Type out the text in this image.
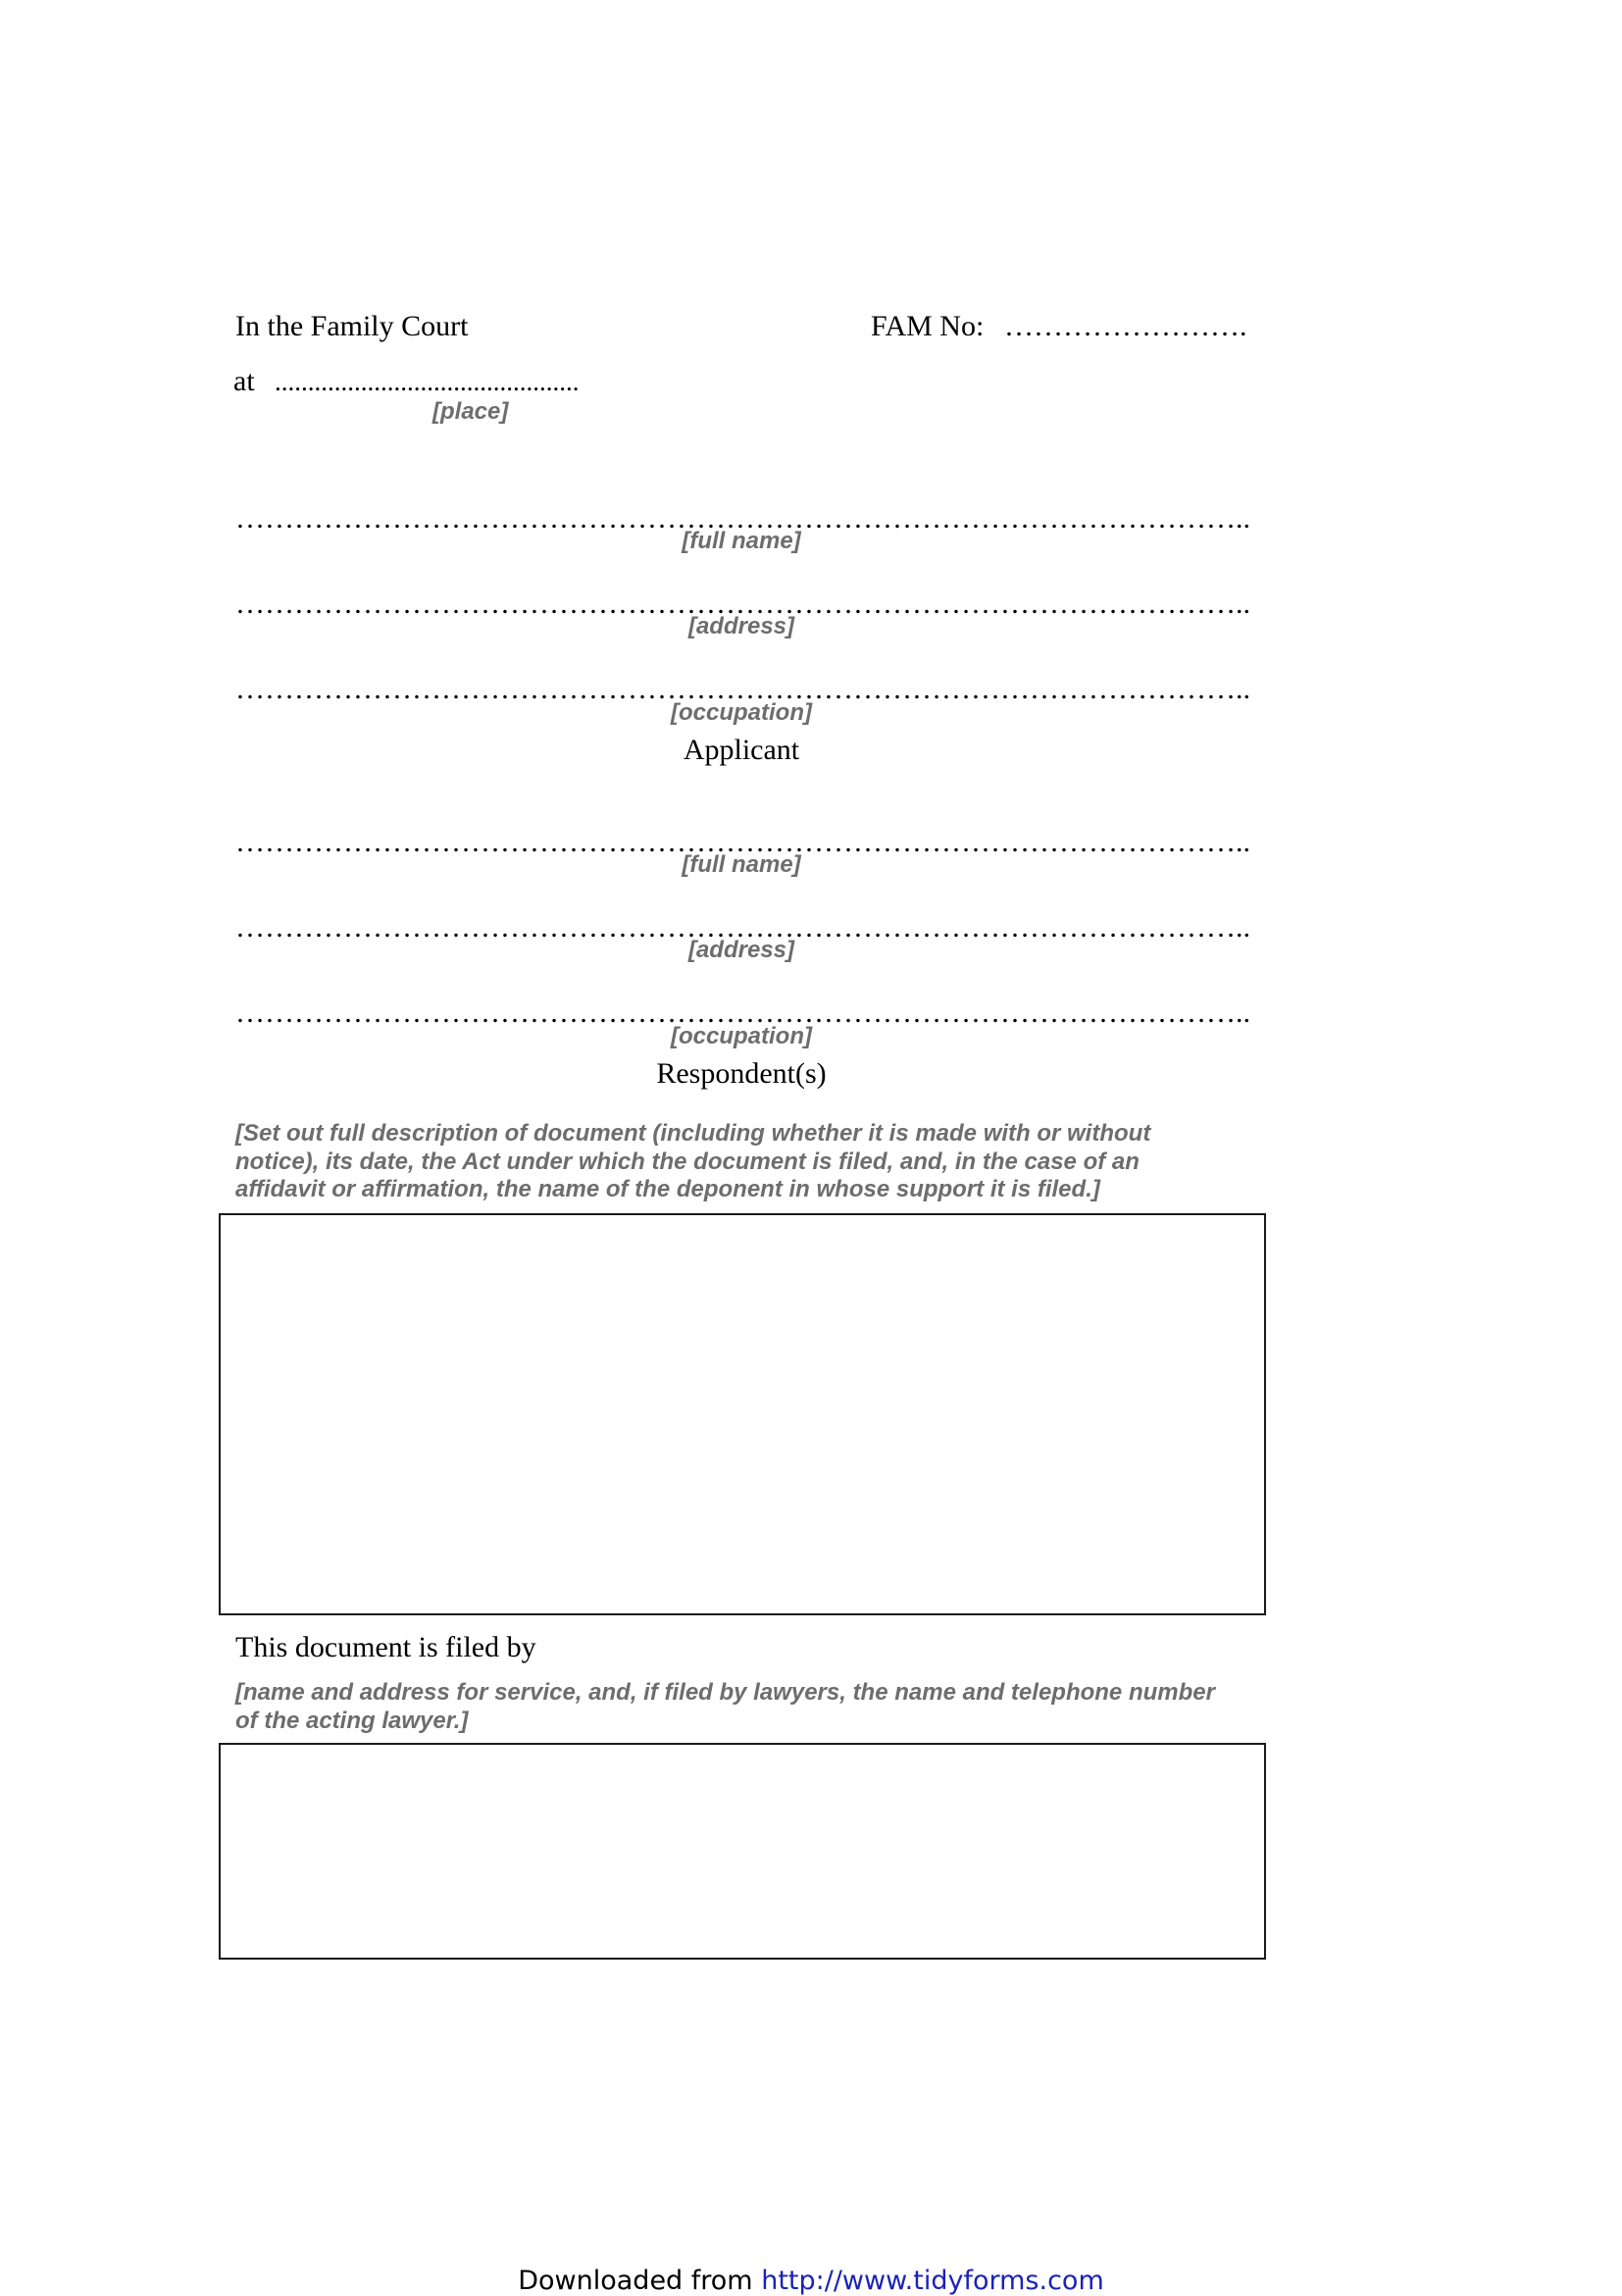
In the Family Court	FAM No: …………………….
at ..............................................
[place]
…………………………………………………………………………………………..
[full name]
…………………………………………………………………………………………..
[address]
…………………………………………………………………………………………..
[occupation]
Applicant
…………………………………………………………………………………………..
[full name]
…………………………………………………………………………………………..
[address]
…………………………………………………………………………………………..
[occupation]
Respondent(s)
[Set out full description of document (including whether it is made with or without notice), its date, the Act under which the document is filed, and, in the case of an affidavit or affirmation, the name of the deponent in whose support it is filed.]
This document is filed by
[name and address for service, and, if filed by lawyers, the name and telephone number of the acting lawyer.]
Downloaded from http://www.tidyforms.com
